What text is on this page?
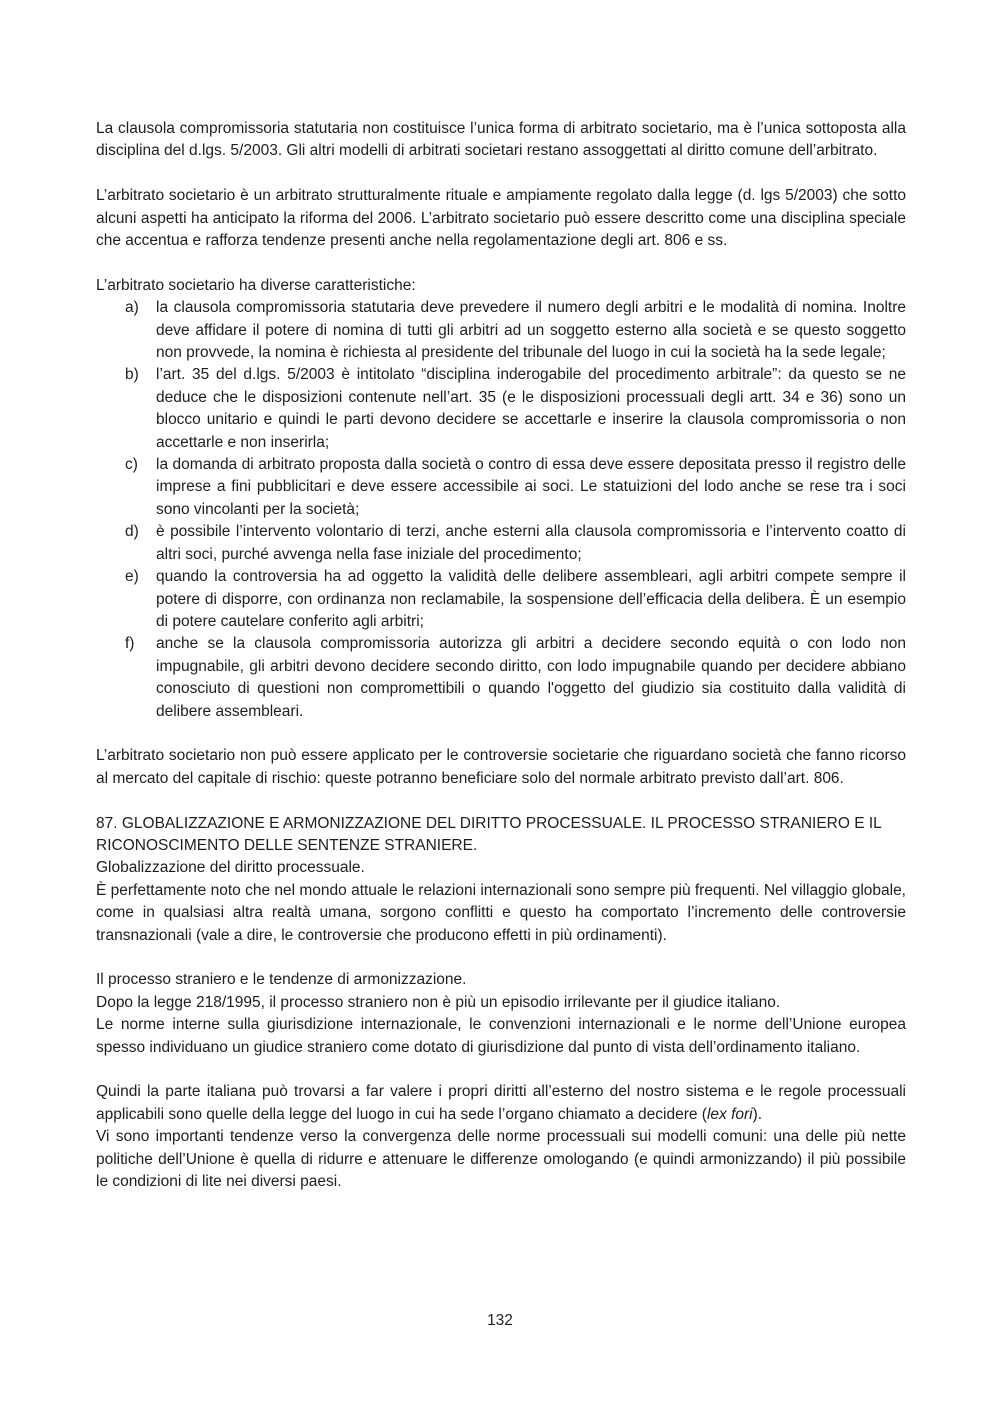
La clausola compromissoria statutaria non costituisce l’unica forma di arbitrato societario, ma è l’unica sottoposta alla disciplina del d.lgs. 5/2003. Gli altri modelli di arbitrati societari restano assoggettati al diritto comune dell’arbitrato.

L’arbitrato societario è un arbitrato strutturalmente rituale e ampiamente regolato dalla legge (d. lgs 5/2003) che sotto alcuni aspetti ha anticipato la riforma del 2006. L’arbitrato societario può essere descritto come una disciplina speciale che accentua e rafforza tendenze presenti anche nella regolamentazione degli art. 806 e ss.

L’arbitrato societario ha diverse caratteristiche:

a) la clausola compromissoria statutaria deve prevedere il numero degli arbitri e le modalità di nomina. Inoltre deve affidare il potere di nomina di tutti gli arbitri ad un soggetto esterno alla società e se questo soggetto non provvede, la nomina è richiesta al presidente del tribunale del luogo in cui la società ha la sede legale;
b) l’art. 35 del d.lgs. 5/2003 è intitolato “disciplina inderogabile del procedimento arbitrale”: da questo se ne deduce che le disposizioni contenute nell’art. 35 (e le disposizioni processuali degli artt. 34 e 36) sono un blocco unitario e quindi le parti devono decidere se accettarle e inserire la clausola compromissoria o non accettarle e non inserirla;
c) la domanda di arbitrato proposta dalla società o contro di essa deve essere depositata presso il registro delle imprese a fini pubblicitari e deve essere accessibile ai soci. Le statuizioni del lodo anche se rese tra i soci sono vincolanti per la società;
d) è possibile l’intervento volontario di terzi, anche esterni alla clausola compromissoria e l’intervento coatto di altri soci, purché avvenga nella fase iniziale del procedimento;
e) quando la controversia ha ad oggetto la validità delle delibere assembleari, agli arbitri compete sempre il potere di disporre, con ordinanza non reclamabile, la sospensione dell’efficacia della delibera. È un esempio di potere cautelare conferito agli arbitri;
f) anche se la clausola compromissoria autorizza gli arbitri a decidere secondo equità o con lodo non impugnabile, gli arbitri devono decidere secondo diritto, con lodo impugnabile quando per decidere abbiano conosciuto di questioni non compromettibili o quando l'oggetto del giudizio sia costituito dalla validità di delibere assembleari.

L’arbitrato societario non può essere applicato per le controversie societarie che riguardano società che fanno ricorso al mercato del capitale di rischio: queste potranno beneficiare solo del normale arbitrato previsto dall’art. 806.

87. GLOBALIZZAZIONE E ARMONIZZAZIONE DEL DIRITTO PROCESSUALE. IL PROCESSO STRANIERO E IL RICONOSCIMENTO DELLE SENTENZE STRANIERE.

Globalizzazione del diritto processuale.

È perfettamente noto che nel mondo attuale le relazioni internazionali sono sempre più frequenti. Nel villaggio globale, come in qualsiasi altra realtà umana, sorgono conflitti e questo ha comportato l’incremento delle controversie transnazionali (vale a dire, le controversie che producono effetti in più ordinamenti).

Il processo straniero e le tendenze di armonizzazione.

Dopo la legge 218/1995, il processo straniero non è più un episodio irrilevante per il giudice italiano.

Le norme interne sulla giurisdizione internazionale, le convenzioni internazionali e le norme dell’Unione europea spesso individuano un giudice straniero come dotato di giurisdizione dal punto di vista dell’ordinamento italiano.

Quindi la parte italiana può trovarsi a far valere i propri diritti all’esterno del nostro sistema e le regole processuali applicabili sono quelle della legge del luogo in cui ha sede l’organo chiamato a decidere (lex fori).

Vi sono importanti tendenze verso la convergenza delle norme processuali sui modelli comuni: una delle più nette politiche dell’Unione è quella di ridurre e attenuare le differenze omologando (e quindi armonizzando) il più possibile le condizioni di lite nei diversi paesi.

132
